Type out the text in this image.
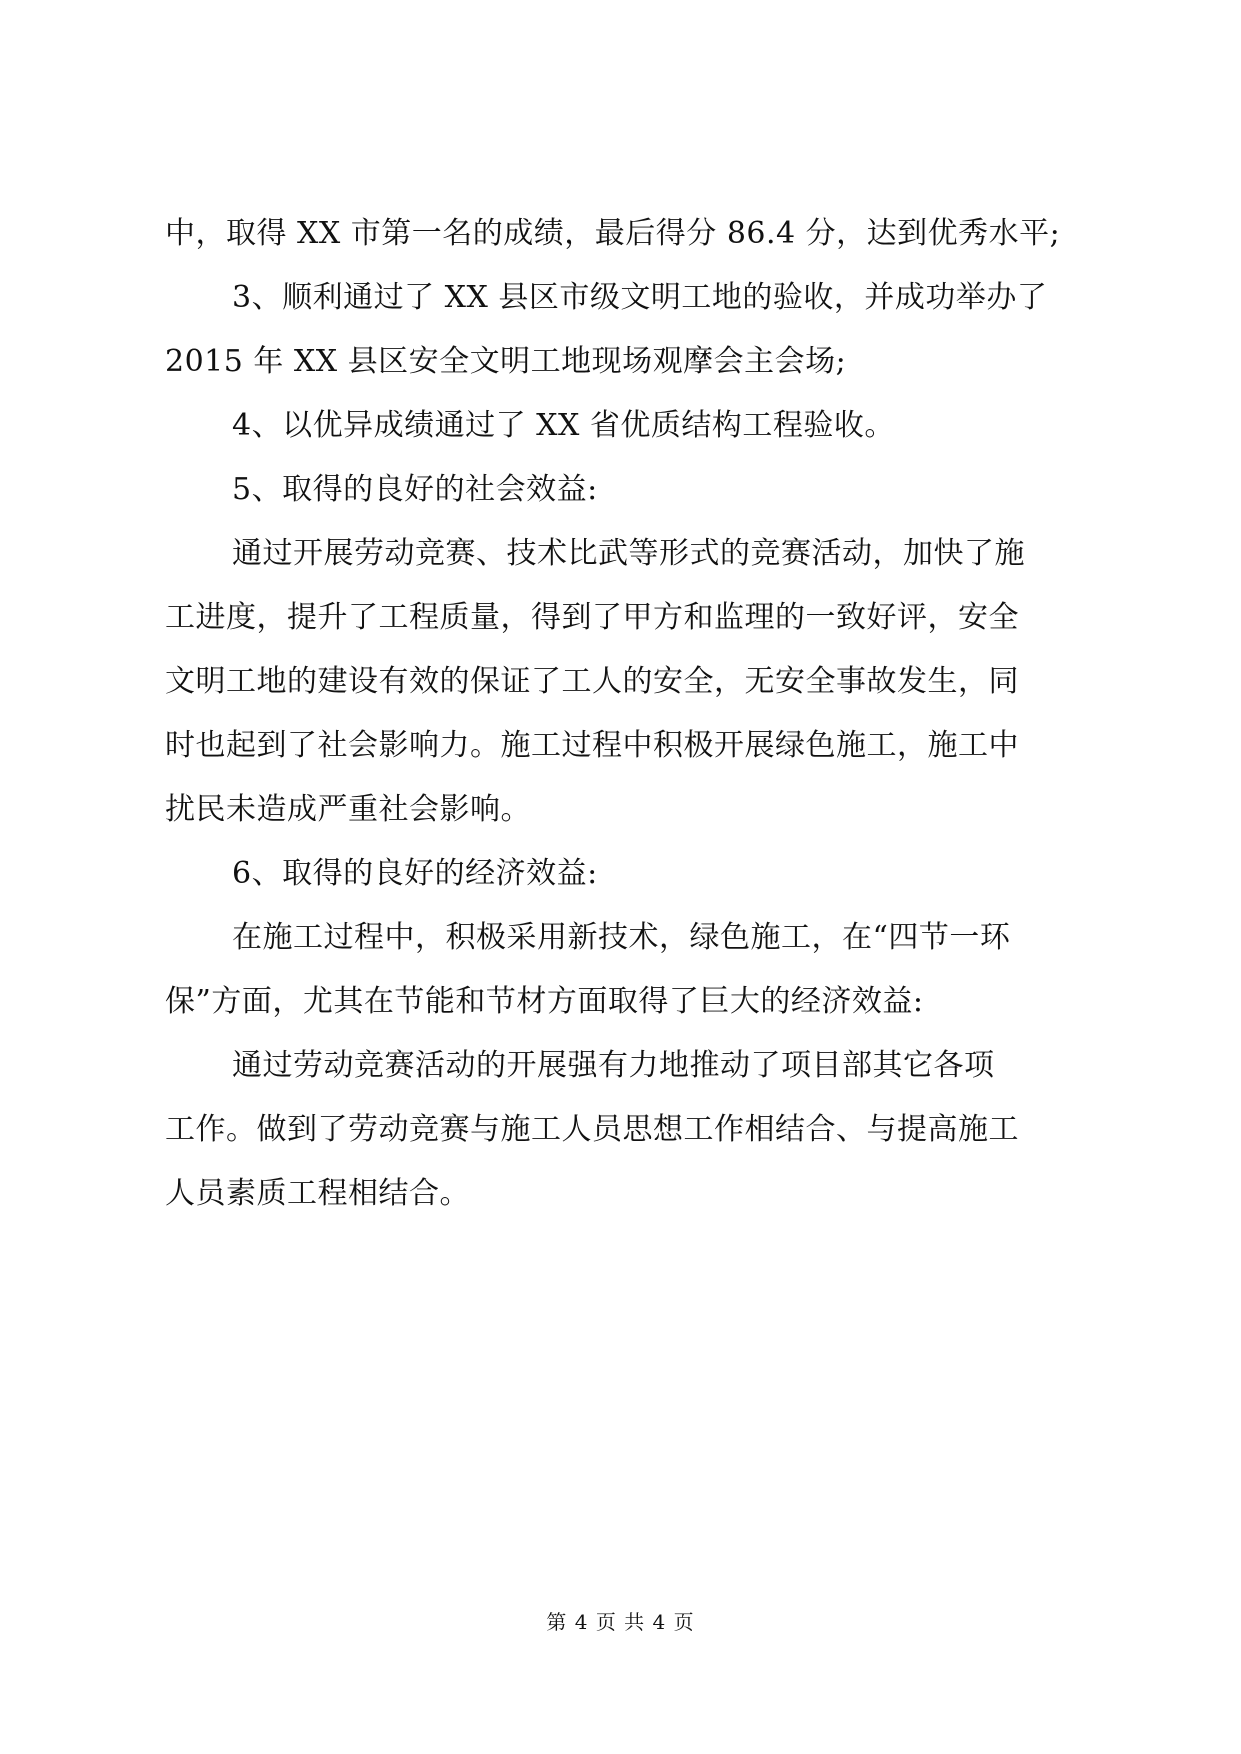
中，取得 XX 市第一名的成绩，最后得分 86.4 分，达到优秀水平;
3、顺利通过了 XX 县区市级文明工地的验收，并成功举办了
2015 年 XX 县区安全文明工地现场观摩会主会场;
4、以优异成绩通过了 XX 省优质结构工程验收。
5、取得的良好的社会效益:
通过开展劳动竞赛、技术比武等形式的竞赛活动，加快了施
工进度，提升了工程质量，得到了甲方和监理的一致好评，安全
文明工地的建设有效的保证了工人的安全，无安全事故发生，同
时也起到了社会影响力。施工过程中积极开展绿色施工，施工中
扰民未造成严重社会影响。
6、取得的良好的经济效益:
在施工过程中，积极采用新技术，绿色施工，在“四节一环
保”方面，尤其在节能和节材方面取得了巨大的经济效益:
通过劳动竞赛活动的开展强有力地推动了项目部其它各项
工作。做到了劳动竞赛与施工人员思想工作相结合、与提高施工
人员素质工程相结合。
第 4 页 共 4 页
